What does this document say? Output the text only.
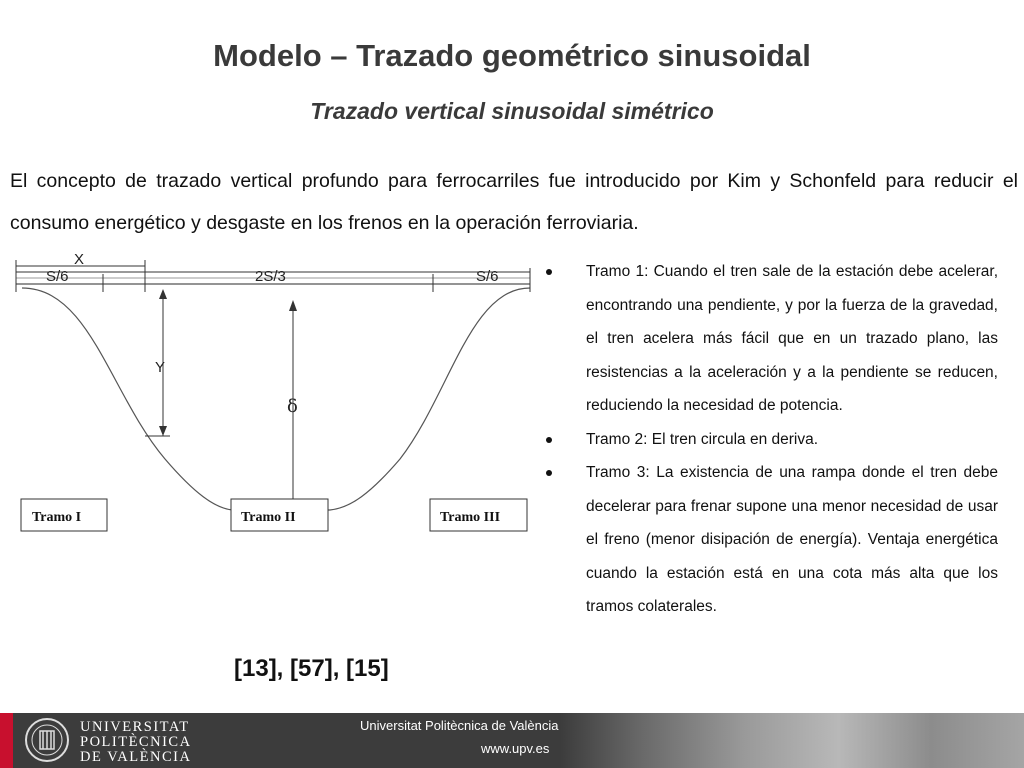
Modelo – Trazado geométrico sinusoidal
Trazado vertical sinusoidal simétrico

El concepto de trazado vertical profundo para ferrocarriles fue introducido por Kim y Schonfeld para reducir el consumo energético y desgaste en los frenos en la operación ferroviaria.

X
S/6	2S/3	S/6
Y
δ
Tramo I	Tramo II	Tramo III
Tramo 1: Cuando el tren sale de la estación debe acelerar, encontrando una pendiente, y por la fuerza de la gravedad, el tren acelera más fácil que en un trazado plano, las resistencias a la aceleración y a la pendiente se reducen, reduciendo la necesidad de potencia.
Tramo 2: El tren circula en deriva.
Tramo 3: La existencia de una rampa donde el tren debe decelerar para frenar supone una menor necesidad de usar el freno (menor disipación de energía). Ventaja energética cuando la estación está en una cota más alta que los tramos colaterales.
[13], [57], [15]
UNIVERSITAT
POLITÈCNICA
DE VALÈNCIA
Universitat Politècnica de València
www.upv.es
